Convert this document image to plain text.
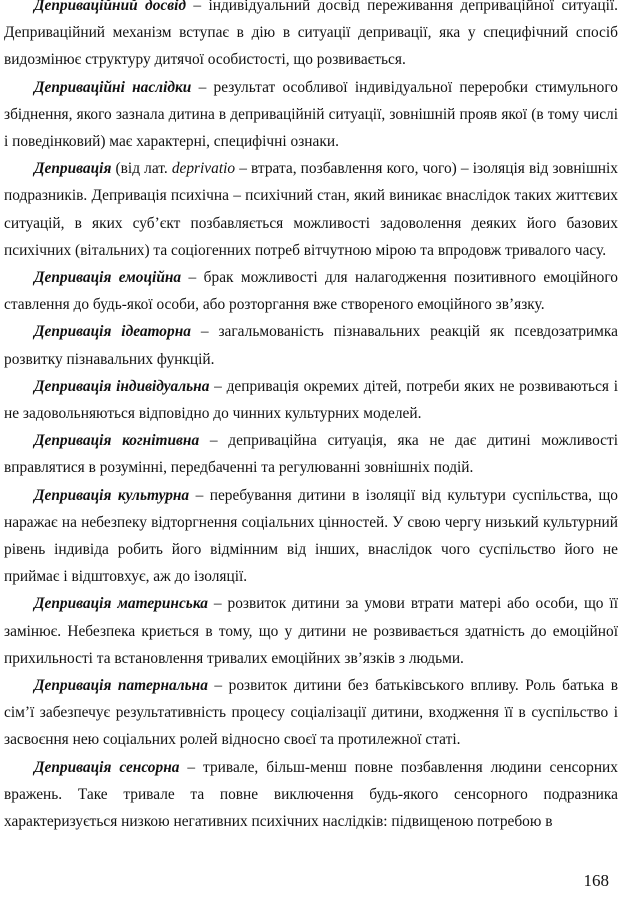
Деприваційний досвід – індивідуальний досвід переживання деприваційної ситуації. Деприваційний механізм вступає в дію в ситуації депривації, яка у специфічний спосіб видозмінює структуру дитячої особистості, що розвивається.

Деприваційні наслідки – результат особливої індивідуальної переробки стимульного збіднення, якого зазнала дитина в деприваційній ситуації, зовнішній прояв якої (в тому числі і поведінковий) має характерні, специфічні ознаки.

Депривація (від лат. deprivatio – втрата, позбавлення кого, чого) – ізоляція від зовнішніх подразників. Депривація психічна – психічний стан, який виникає внаслідок таких життєвих ситуацій, в яких суб’єкт позбавляється можливості задоволення деяких його базових психічних (вітальних) та соціогенних потреб вітчутною мірою та впродовж тривалого часу.

Депривація емоційна – брак можливості для налагодження позитивного емоційного ставлення до будь-якої особи, або розторгання вже створеного емоційного зв’язку.

Депривація ідеаторна – загальмованість пізнавальних реакцій як псевдозатримка розвитку пізнавальних функцій.

Депривація індивідуальна – депривація окремих дітей, потреби яких не розвиваються і не задовольняються відповідно до чинних культурних моделей.

Депривація когнітивна – деприваційна ситуація, яка не дає дитині можливості вправлятися в розумінні, передбаченні та регулюванні зовнішніх подій.

Депривація культурна – перебування дитини в ізоляції від культури суспільства, що наражає на небезпеку відторгнення соціальних цінностей. У свою чергу низький культурний рівень індивіда робить його відмінним від інших, внаслідок чого суспільство його не приймає і відштовхує, аж до ізоляції.

Депривація материнська – розвиток дитини за умови втрати матері або особи, що її замінює. Небезпека криється в тому, що у дитини не розвивається здатність до емоційної прихильності та встановлення тривалих емоційних зв’язків з людьми.

Депривація патернальна – розвиток дитини без батьківського впливу. Роль батька в сім’ї забезпечує результативність процесу соціалізації дитини, входження її в суспільство і засвоєння нею соціальних ролей відносно своєї та протилежної статі.

Депривація сенсорна – тривале, більш-менш повне позбавлення людини сенсорних вражень. Таке тривале та повне виключення будь-якого сенсорного подразника характеризується низкою негативних психічних наслідків: підвищеною потребою в

168
